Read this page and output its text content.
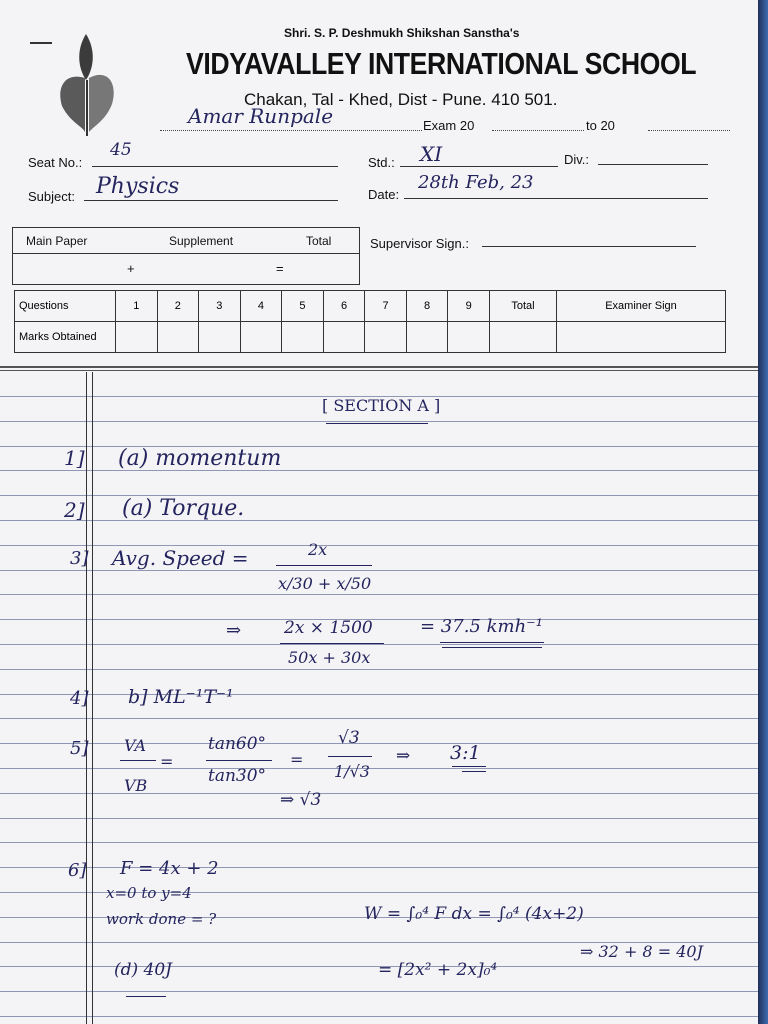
Shri. S. P. Deshmukh Shikshan Sanstha's
VIDYAVALLEY INTERNATIONAL SCHOOL
Chakan, Tal - Khed, Dist - Pune. 410 501.
Amar Runpale	Exam 20	to 20
Seat No.:
45
Std.: XI	Div.:
Subject: Physics	Date:
28th Feb, 23
Main Paper	Supplement	Total
+	=
Supervisor Sign.:
Questions	1	2	3	4	5	6	7	8	9	Total	Examiner Sign
Marks Obtained											
[ SECTION A ]
1] (a) momentum
2] (a) Torque.
3] Avg. Speed =	2x
x/30 + x/50
⇒	2x × 1500
50x + 30x
= 37.5 kmh⁻¹
4] b] ML⁻¹T⁻¹
5] VA
VB
=
tan60°
tan30°
=
√3
1/√3
⇒ 3:1
⇒ √3
6] F = 4x + 2
x=0 to y=4
work done = ?
(d) 40J
W = ∫₀⁴ F dx = ∫₀⁴ (4x+2)
= [2x² + 2x]₀⁴
⇒ 32 + 8 = 40J
